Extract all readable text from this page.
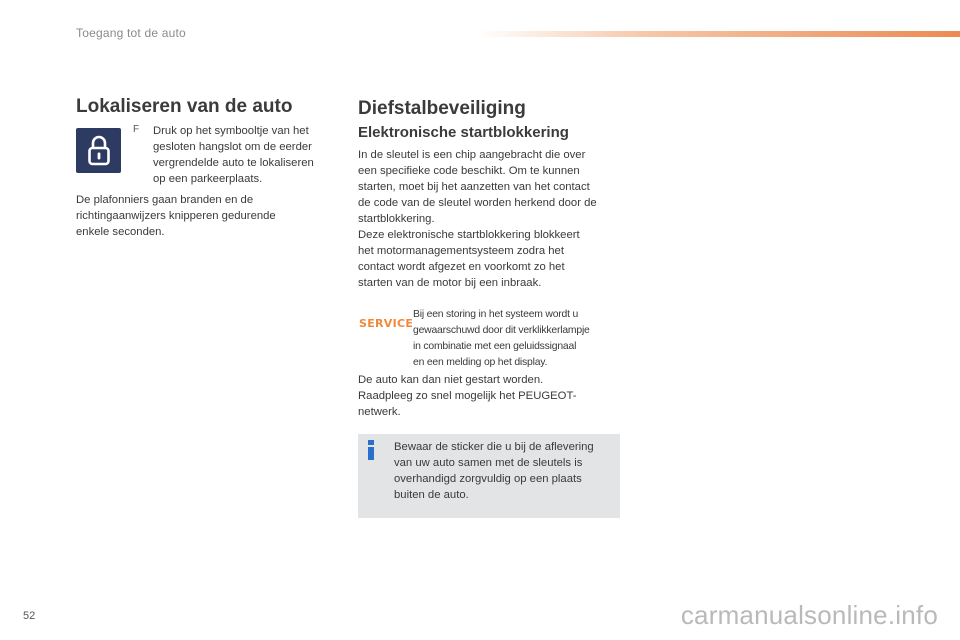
Toegang tot de auto
Lokaliseren van de auto
F Druk op het symbooltje van het
gesloten hangslot om de eerder
vergrendelde auto te lokaliseren
op een parkeerplaats.

De plafonniers gaan branden en de
richtingaanwijzers knipperen gedurende
enkele seconden.

Diefstalbeveiliging
Elektronische startblokkering

In de sleutel is een chip aangebracht die over
een specifieke code beschikt. Om te kunnen
starten, moet bij het aanzetten van het contact
de code van de sleutel worden herkend door de
startblokkering.
Deze elektronische startblokkering blokkeert
het motormanagementsysteem zodra het
contact wordt afgezet en voorkomt zo het
starten van de motor bij een inbraak.

SERVICE

Bij een storing in het systeem wordt u
gewaarschuwd door dit verklikkerlampje
in combinatie met een geluidssignaal
en een melding op het display.

De auto kan dan niet gestart worden.
Raadpleeg zo snel mogelijk het PEUGEOT-
netwerk.

Bewaar de sticker die u bij de aflevering
van uw auto samen met de sleutels is
overhandigd zorgvuldig op een plaats
buiten de auto.

52	carmanualsonline.info
